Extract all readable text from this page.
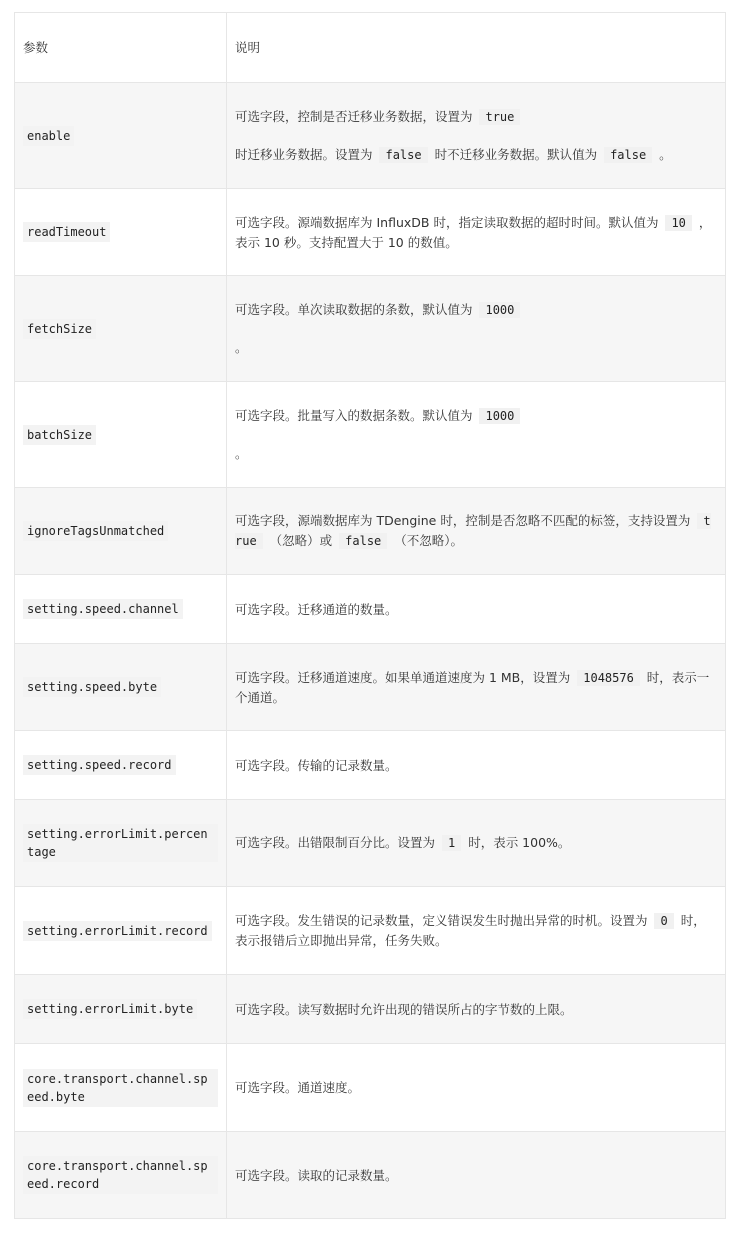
参数	说明
enable	可选字段，控制是否迁移业务数据，设置为 true

时迁移业务数据。设置为 false 时不迁移业务数据。默认值为 false 。

readTimeout	可选字段。源端数据库为 InfluxDB 时，指定读取数据的超时时间。默认值为 10 ，表示 10 秒。支持配置大于 10 的数值。

fetchSize	可选字段。单次读取数据的条数，默认值为 1000

。

batchSize	可选字段。批量写入的数据条数。默认值为 1000

。

ignoreTagsUnmatched	可选字段，源端数据库为 TDengine 时，控制是否忽略不匹配的标签，支持设置为 true （忽略）或 false （不忽略）。

setting.speed.channel	可选字段。迁移通道的数量。

setting.speed.byte	可选字段。迁移通道速度。如果单通道速度为 1 MB，设置为 1048576 时，表示一个通道。

setting.speed.record	可选字段。传输的记录数量。

setting.errorLimit.percentage	可选字段。出错限制百分比。设置为 1 时，表示 100%。

setting.errorLimit.record	可选字段。发生错误的记录数量，定义错误发生时抛出异常的时机。设置为 0 时，表示报错后立即抛出异常，任务失败。

setting.errorLimit.byte	可选字段。读写数据时允许出现的错误所占的字节数的上限。

core.transport.channel.speed.byte	可选字段。通道速度。

core.transport.channel.speed.record	可选字段。读取的记录数量。
